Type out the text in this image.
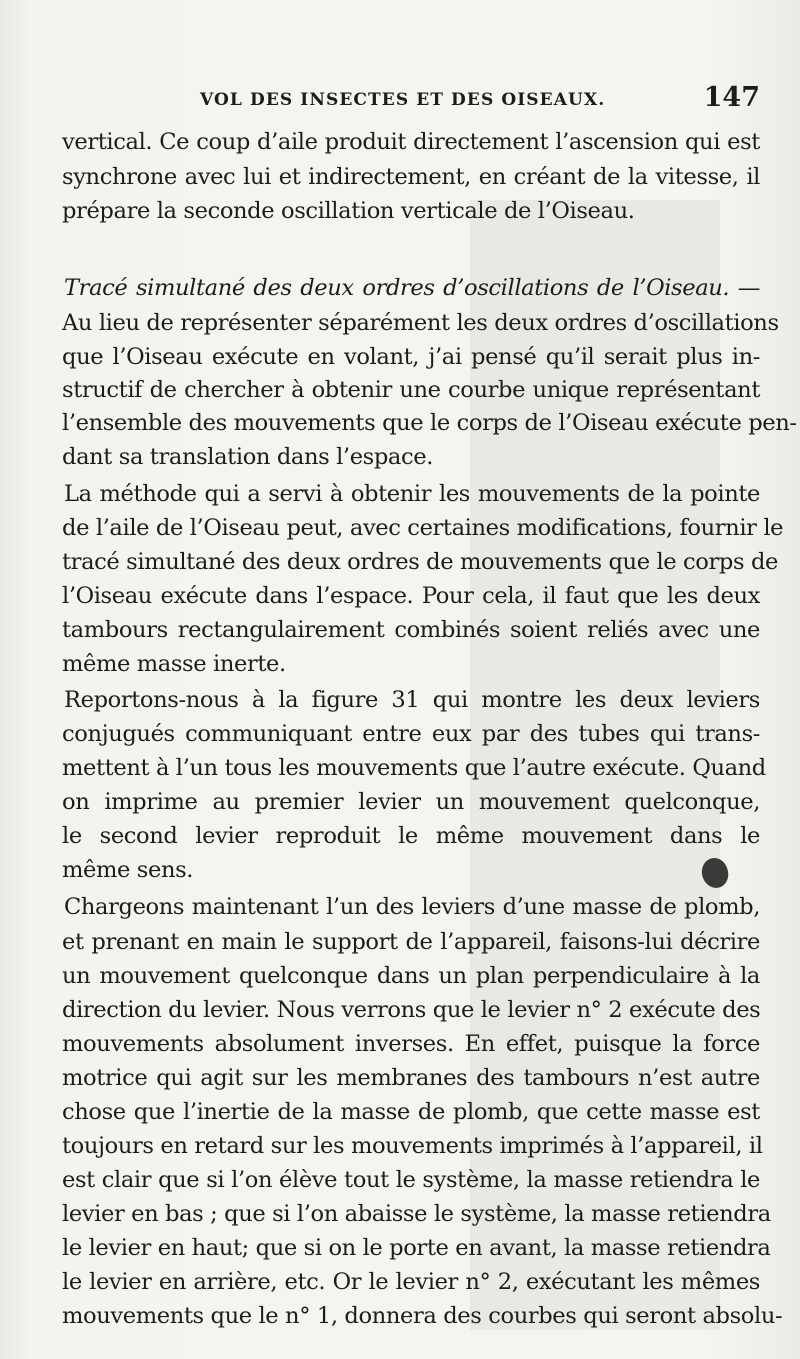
VOL DES INSECTES ET DES OISEAUX.	147
vertical. Ce coup d’aile produit directement l’ascension qui est
synchrone avec lui et indirectement, en créant de la vitesse, il
prépare la seconde oscillation verticale de l’Oiseau.
Tracé simultané des deux ordres d’oscillations de l’Oiseau. —
Au lieu de représenter séparément les deux ordres d’oscillations
que l’Oiseau exécute en volant, j’ai pensé qu’il serait plus in-
structif de chercher à obtenir une courbe unique représentant
l’ensemble des mouvements que le corps de l’Oiseau exécute pen-
dant sa translation dans l’espace.
La méthode qui a servi à obtenir les mouvements de la pointe
de l’aile de l’Oiseau peut, avec certaines modifications, fournir le
tracé simultané des deux ordres de mouvements que le corps de
l’Oiseau exécute dans l’espace. Pour cela, il faut que les deux
tambours rectangulairement combinés soient reliés avec une
même masse inerte.
Reportons-nous à la figure 31 qui montre les deux leviers
conjugués communiquant entre eux par des tubes qui trans-
mettent à l’un tous les mouvements que l’autre exécute. Quand
on imprime au premier levier un mouvement quelconque,
le second levier reproduit le même mouvement dans le
même sens.
Chargeons maintenant l’un des leviers d’une masse de plomb,
et prenant en main le support de l’appareil, faisons-lui décrire
un mouvement quelconque dans un plan perpendiculaire à la
direction du levier. Nous verrons que le levier n° 2 exécute des
mouvements absolument inverses. En effet, puisque la force
motrice qui agit sur les membranes des tambours n’est autre
chose que l’inertie de la masse de plomb, que cette masse est
toujours en retard sur les mouvements imprimés à l’appareil, il
est clair que si l’on élève tout le système, la masse retiendra le
levier en bas ; que si l’on abaisse le système, la masse retiendra
le levier en haut; que si on le porte en avant, la masse retiendra
le levier en arrière, etc. Or le levier n° 2, exécutant les mêmes
mouvements que le n° 1, donnera des courbes qui seront absolu-
